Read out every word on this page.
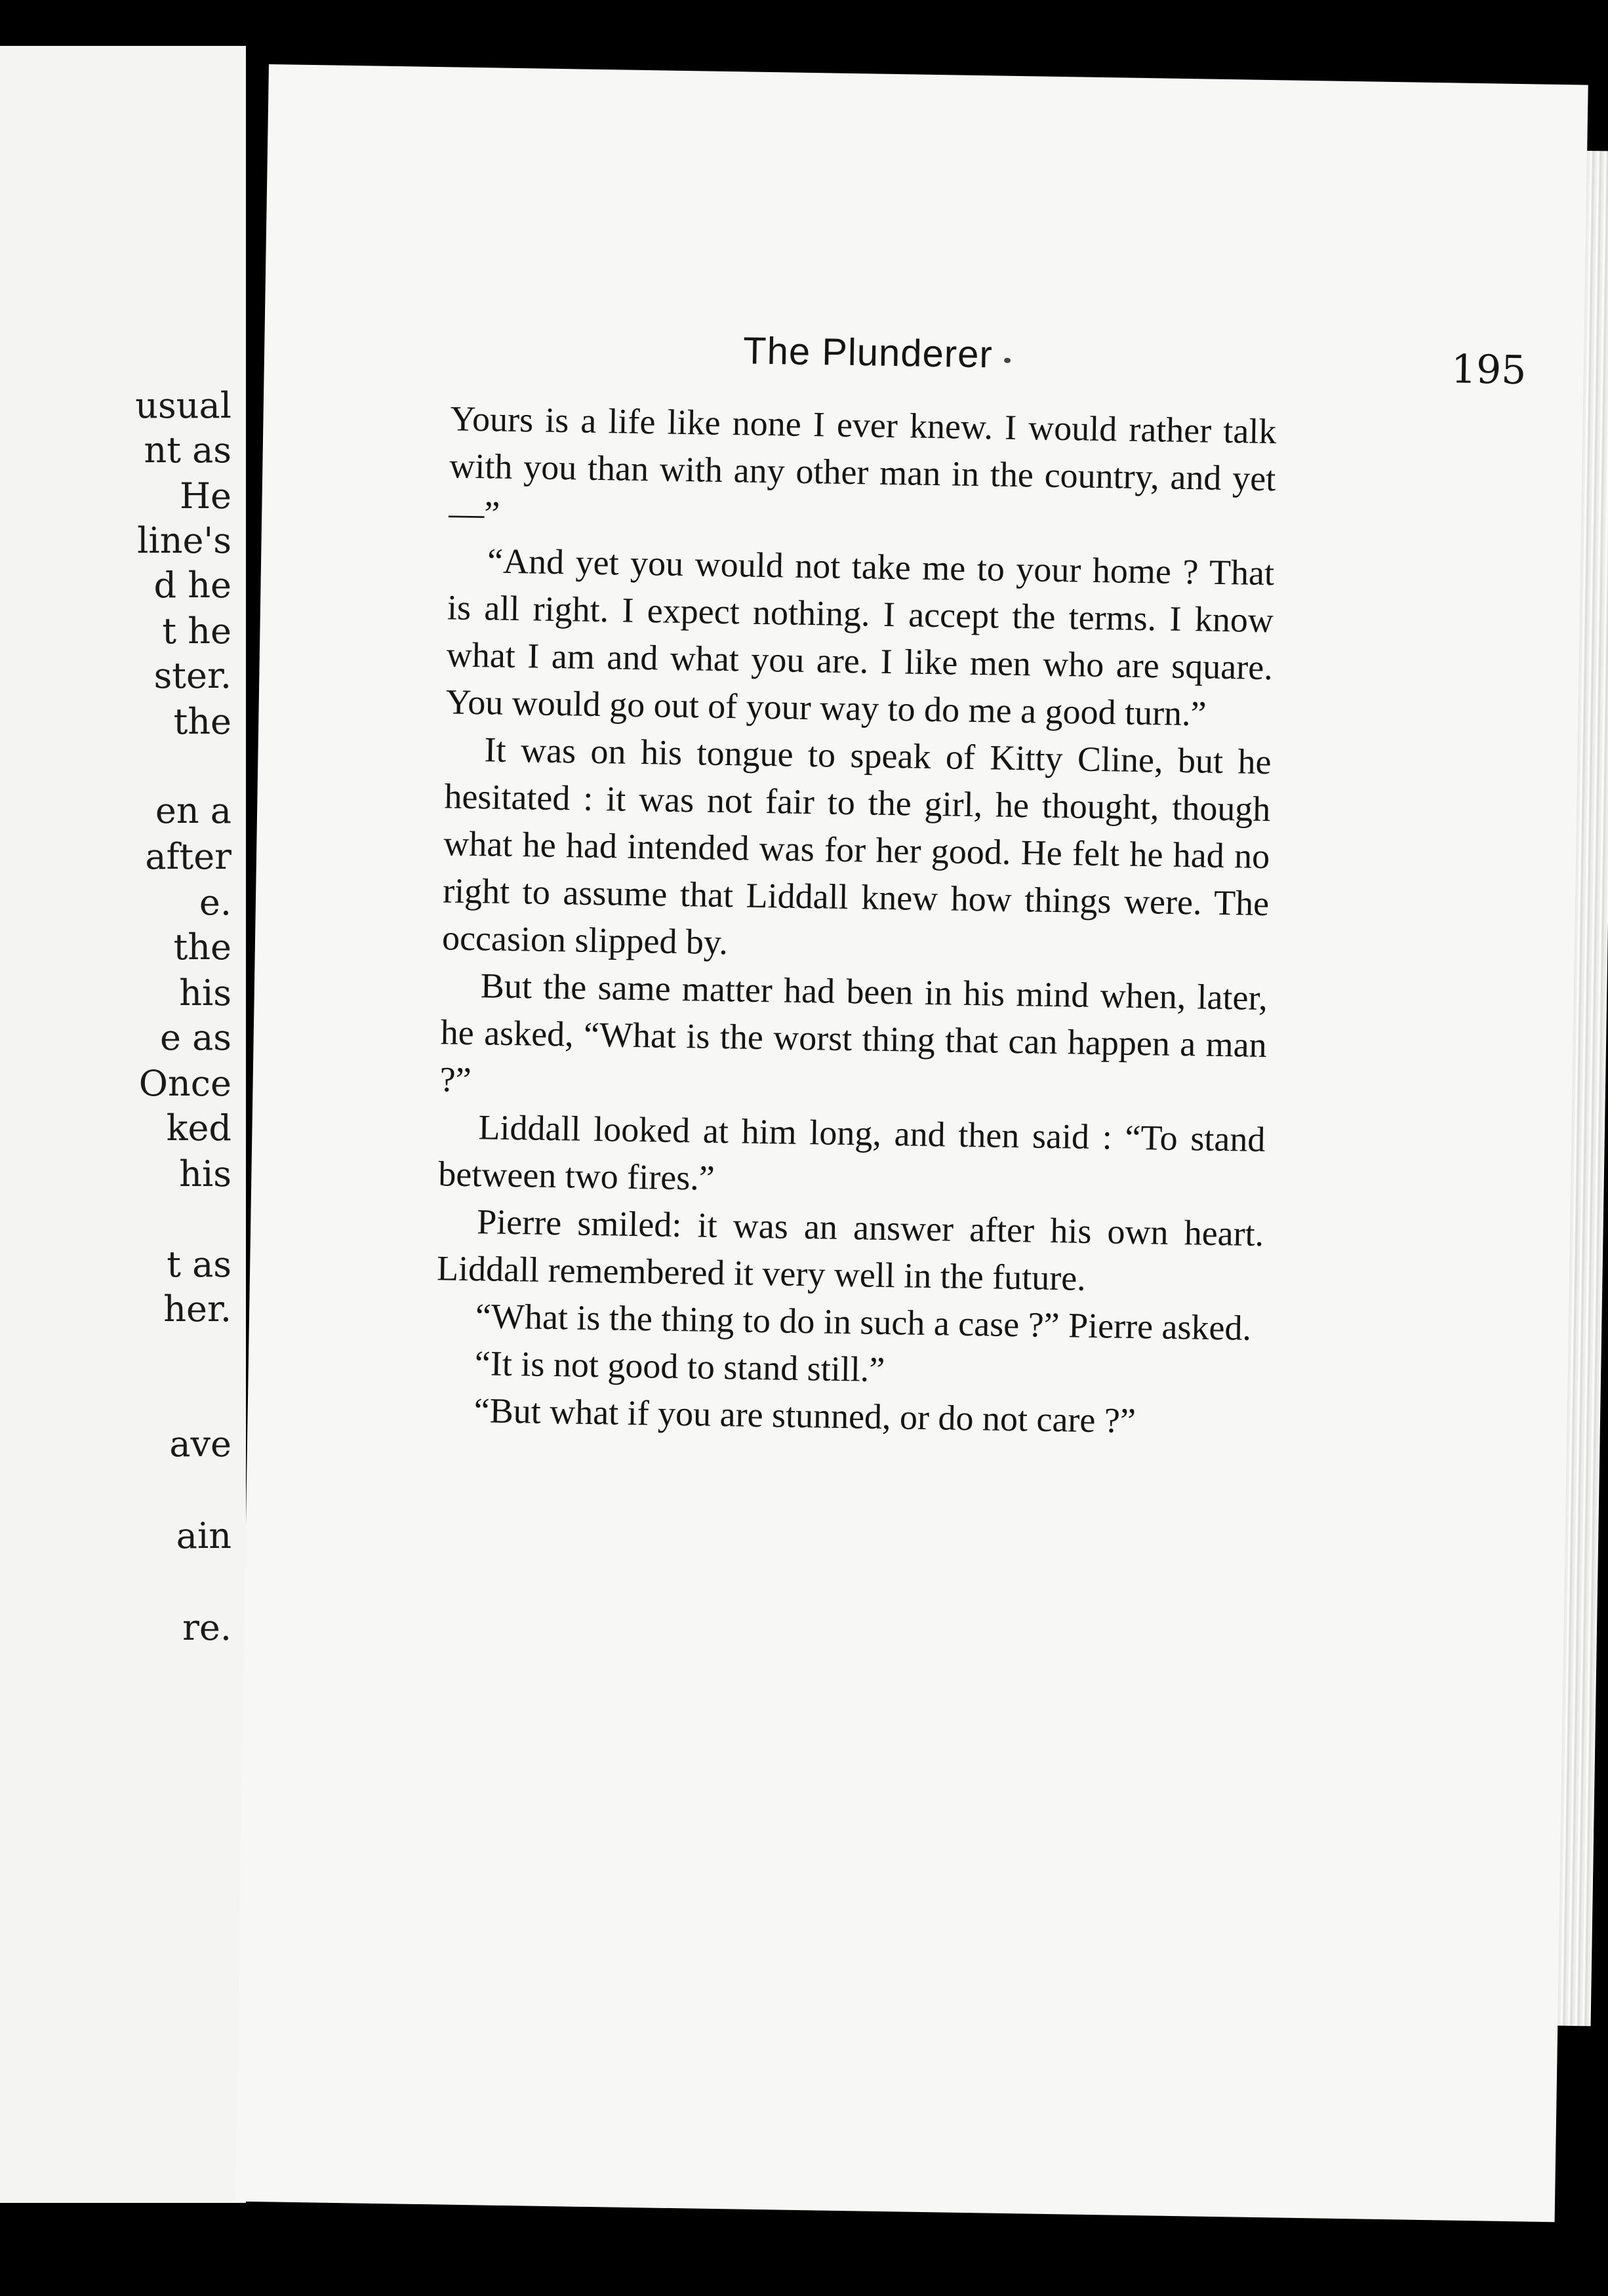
usual
nt as
He
line's
d he
t he
ster.
the
en a
after
e.
the
his
e as
Once
ked
his
t as
her.
ave
ain
re.
The Plunderer	195

Yours is a life like none I ever knew. I would rather talk with you than with any other man in the country, and yet —”

“And yet you would not take me to your home ? That is all right. I expect nothing. I accept the terms. I know what I am and what you are. I like men who are square. You would go out of your way to do me a good turn.”

It was on his tongue to speak of Kitty Cline, but he hesitated : it was not fair to the girl, he thought, though what he had intended was for her good. He felt he had no right to assume that Liddall knew how things were. The occasion slipped by.

But the same matter had been in his mind when, later, he asked, “What is the worst thing that can happen a man ?”

Liddall looked at him long, and then said : “To stand between two fires.”

Pierre smiled: it was an answer after his own heart. Liddall remembered it very well in the future.

“What is the thing to do in such a case ?” Pierre asked.

“It is not good to stand still.”

“But what if you are stunned, or do not care ?”
